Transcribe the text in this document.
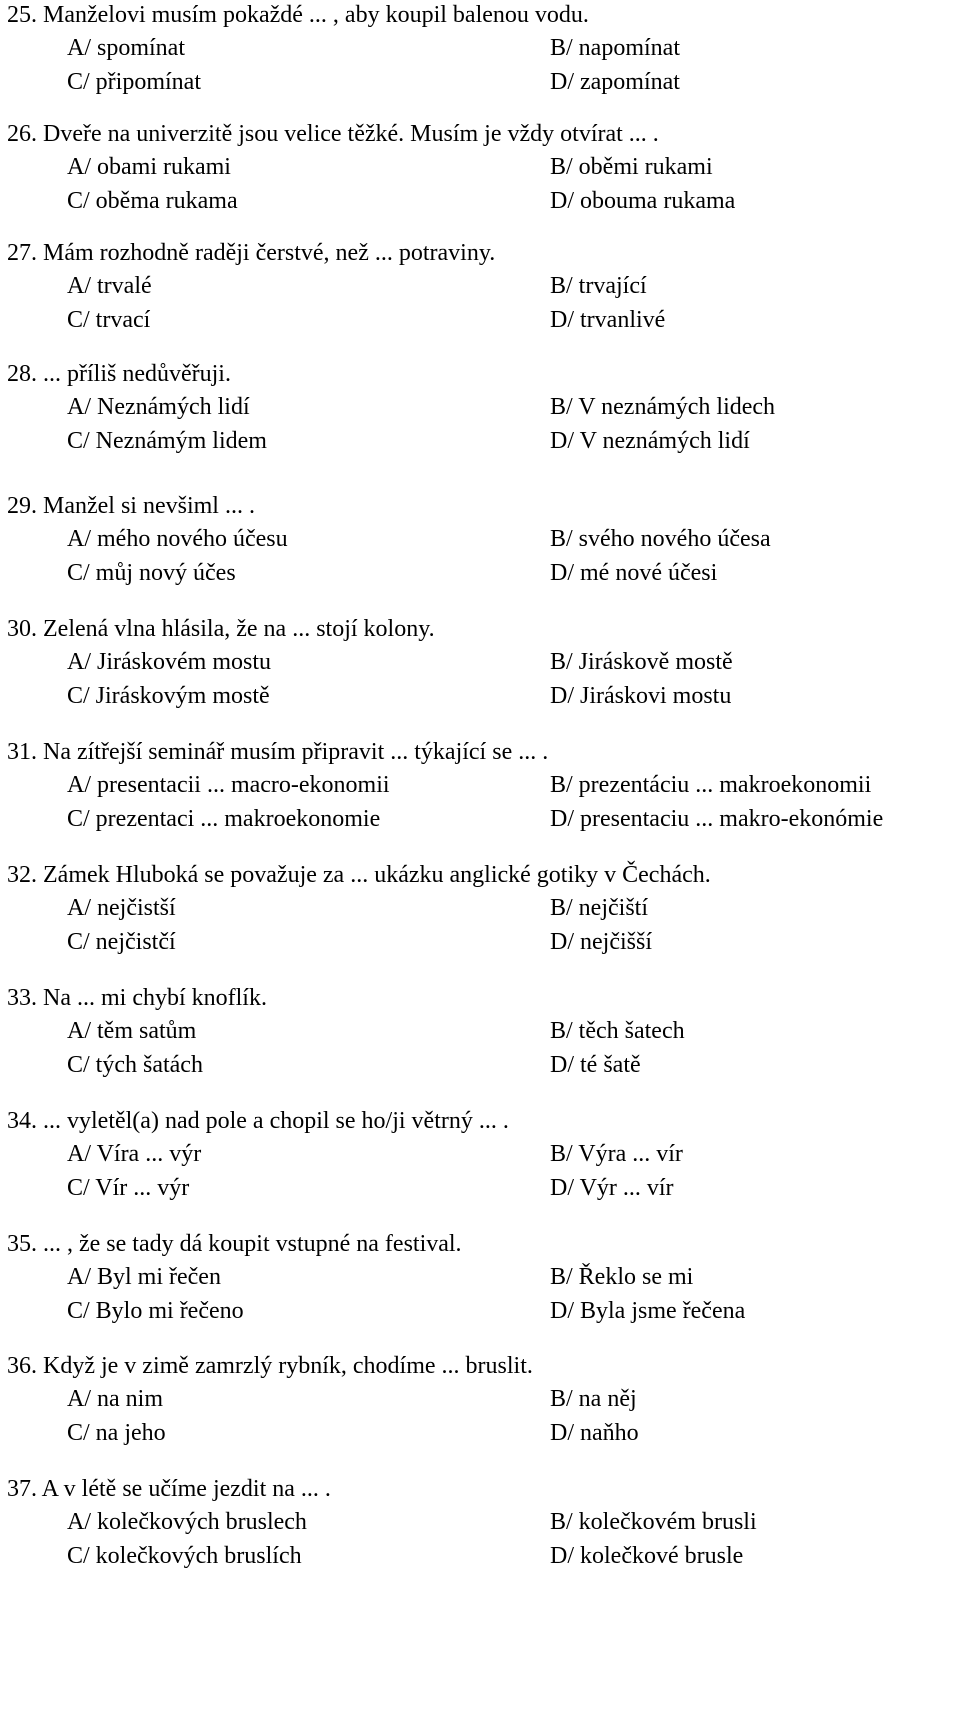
25. Manželovi musím pokaždé ... , aby koupil balenou vodu.
A/ spomínat	B/ napomínat
C/ připomínat	D/ zapomínat
26. Dveře na univerzitě jsou velice těžké. Musím je vždy otvírat ... .
A/ obami rukami	B/ oběmi rukami
C/ oběma rukama	D/ obouma rukama
27. Mám rozhodně raději čerstvé, než ... potraviny.
A/ trvalé	B/ trvající
C/ trvací	D/ trvanlivé
28. ... příliš nedůvěřuji.
A/ Neznámých lidí	B/ V neznámých lidech
C/ Neznámým lidem	D/ V neznámých lidí
29. Manžel si nevšiml ... .
A/ mého nového účesu	B/ svého nového účesa
C/ můj nový účes	D/ mé nové účesi
30. Zelená vlna hlásila, že na ... stojí kolony.
A/ Jiráskovém mostu	B/ Jiráskově mostě
C/ Jiráskovým mostě	D/ Jiráskovi mostu
31. Na zítřejší seminář musím připravit ... týkající se ... .
A/ presentacii ... macro-ekonomii	B/ prezentáciu ... makroekonomii
C/ prezentaci ... makroekonomie	D/ presentaciu ... makro-ekonómie
32. Zámek Hluboká se považuje za ... ukázku anglické gotiky v Čechách.
A/ nejčistší	B/ nejčiští
C/ nejčistčí	D/ nejčišší
33. Na ... mi chybí knoflík.
A/ těm satům	B/ těch šatech
C/ tých šatách	D/ té šatě
34. ... vyletěl(a) nad pole a chopil se ho/ji větrný ... .
A/ Víra ... výr	B/ Výra ... vír
C/ Vír ... výr	D/ Výr ... vír
35. ... , že se tady dá koupit vstupné na festival.
A/ Byl mi řečen	B/ Řeklo se mi
C/ Bylo mi řečeno	D/ Byla jsme řečena
36. Když je v zimě zamrzlý rybník, chodíme ... bruslit.
A/ na nim	B/ na něj
C/ na jeho	D/ naňho
37. A v létě se učíme jezdit na ... .
A/ kolečkových bruslech	B/ kolečkovém brusli
C/ kolečkových bruslích	D/ kolečkové brusle
